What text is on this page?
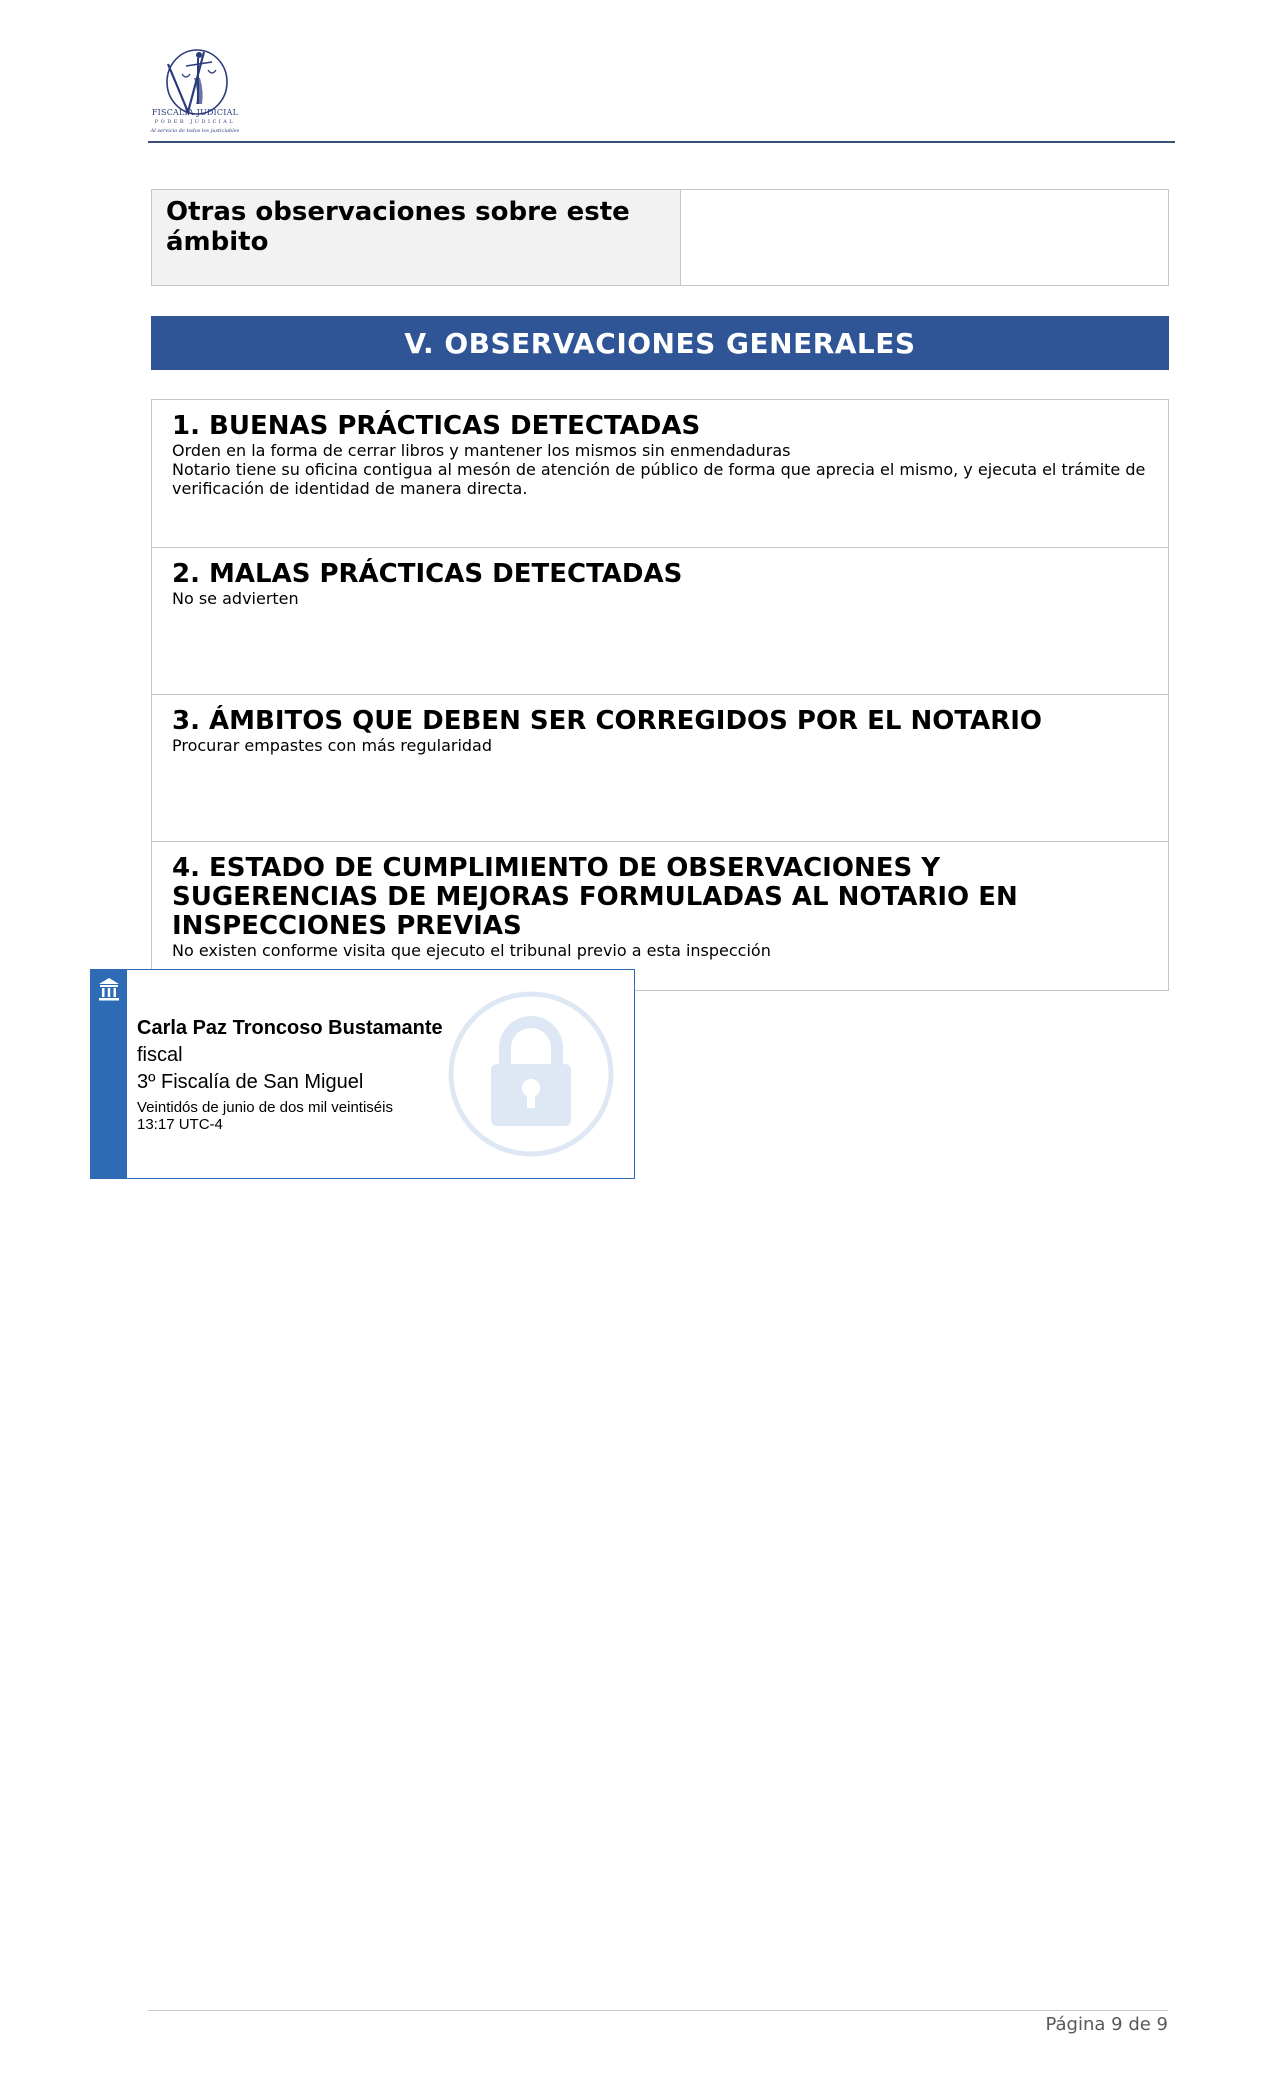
FISCALÍA JUDICIAL
PODER JUDICIAL
Al servicio de todos los justiciables
Otras observaciones sobre este ámbito
V. OBSERVACIONES GENERALES
1. BUENAS PRÁCTICAS DETECTADAS

Orden en la forma de cerrar libros y mantener los mismos sin enmendaduras

Notario tiene su oficina contigua al mesón de atención de público de forma que aprecia el mismo, y ejecuta el trámite de verificación de identidad de manera directa.

2. MALAS PRÁCTICAS DETECTADAS

No se advierten

3. ÁMBITOS QUE DEBEN SER CORREGIDOS POR EL NOTARIO

Procurar empastes con más regularidad

4. ESTADO DE CUMPLIMIENTO DE OBSERVACIONES Y SUGERENCIAS DE MEJORAS FORMULADAS AL NOTARIO EN INSPECCIONES PREVIAS

No existen conforme visita que ejecuto el tribunal previo a esta inspección

Carla Paz Troncoso Bustamante
fiscal
3º Fiscalía de San Miguel
Veintidós de junio de dos mil veintiséis
13:17 UTC-4
Página 9 de 9
